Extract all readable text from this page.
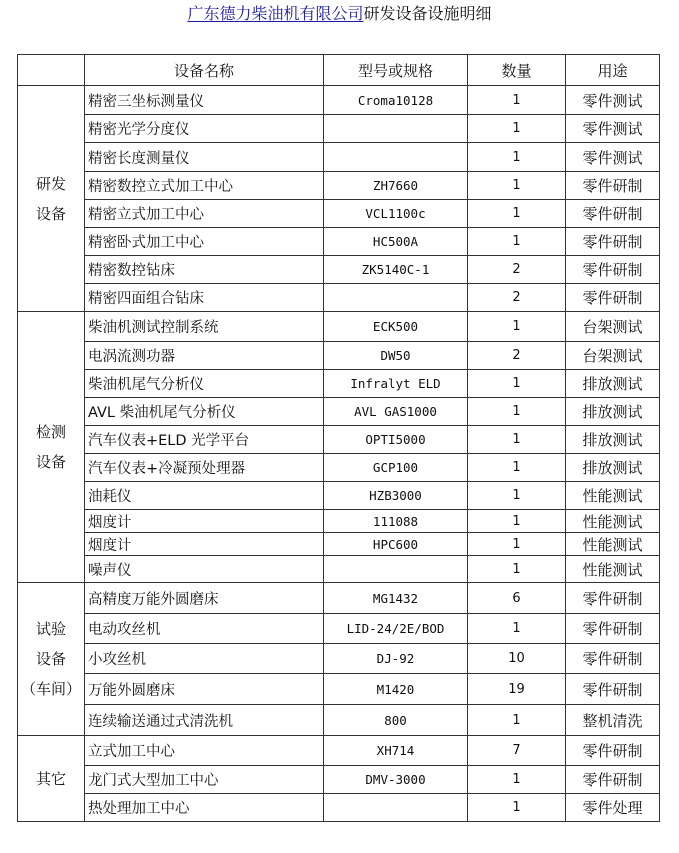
广东德力柴油机有限公司研发设备设施明细
	设备名称	型号或规格	数量	用途

研发
设备	精密三坐标测量仪	Croma10128	1	零件测试
	精密光学分度仪		1	零件测试
	精密长度测量仪		1	零件测试
	精密数控立式加工中心	ZH7660	1	零件研制
	精密立式加工中心	VCL1100c	1	零件研制
	精密卧式加工中心	HC500A	1	零件研制
	精密数控钻床	ZK5140C-1	2	零件研制
	精密四面组合钻床		2	零件研制

检测
设备	柴油机测试控制系统	ECK500	1	台架测试
	电涡流测功器	DW50	2	台架测试
	柴油机尾气分析仪	Infralyt ELD	1	排放测试
	AVL 柴油机尾气分析仪	AVL GAS1000	1	排放测试
	汽车仪表+ELD 光学平台	OPTI5000	1	排放测试
	汽车仪表+冷凝预处理器	GCP100	1	排放测试
	油耗仪	HZB3000	1	性能测试
	烟度计	111088	1	性能测试
	烟度计	HPC600	1	性能测试
	噪声仪		1	性能测试

试验
设备
（车间）	高精度万能外圆磨床	MG1432	6	零件研制
	电动攻丝机	LID-24/2E/BOD	1	零件研制
	小攻丝机	DJ-92	10	零件研制
	万能外圆磨床	M1420	19	零件研制
	连续输送通过式清洗机	800	1	整机清洗

其它	立式加工中心	XH714	7	零件研制
	龙门式大型加工中心	DMV-3000	1	零件研制
	热处理加工中心		1	零件处理
